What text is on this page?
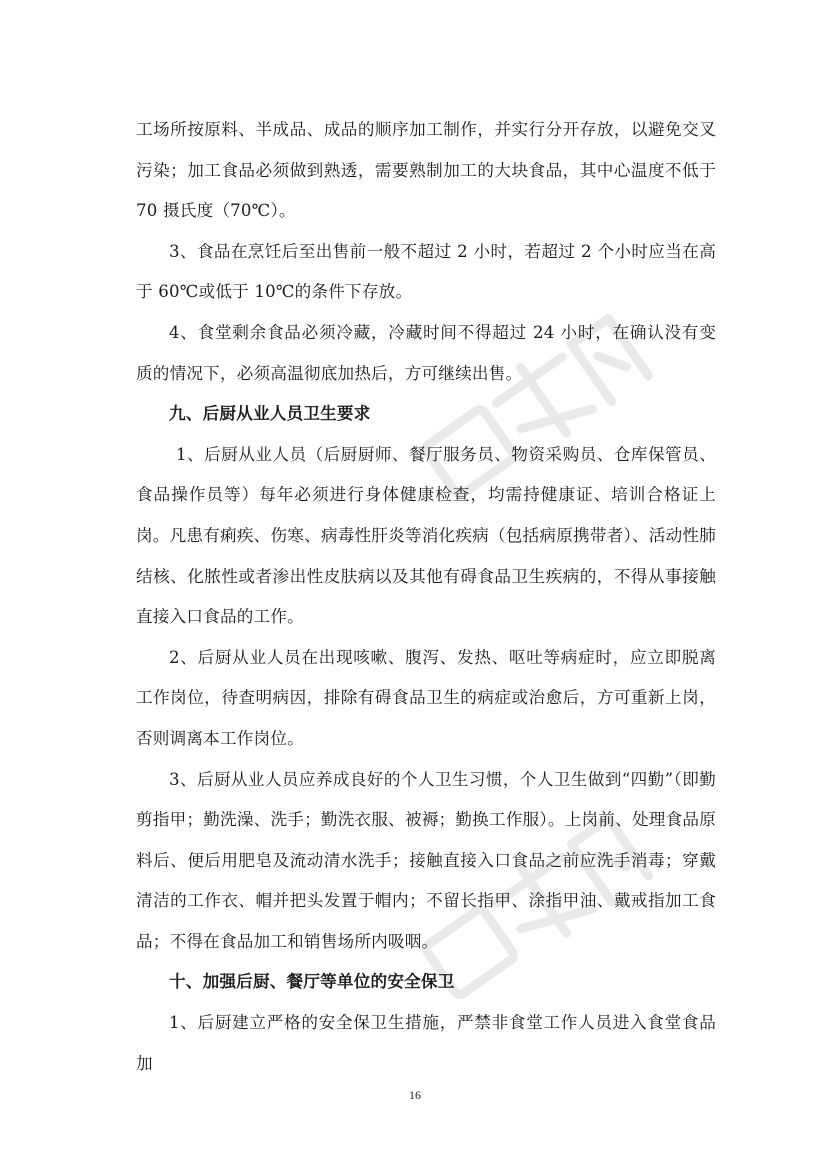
工场所按原料、半成品、成品的顺序加工制作，并实行分开存放，以避免交叉污染；加工食品必须做到熟透，需要熟制加工的大块食品，其中心温度不低于70 摄氏度（70℃）。

3、食品在烹饪后至出售前一般不超过 2 小时，若超过 2 个小时应当在高于 60℃或低于 10℃的条件下存放。

4、食堂剩余食品必须冷藏，冷藏时间不得超过 24 小时，在确认没有变质的情况下，必须高温彻底加热后，方可继续出售。

九、后厨从业人员卫生要求

1、后厨从业人员（后厨厨师、餐厅服务员、物资采购员、仓库保管员、食品操作员等）每年必须进行身体健康检查，均需持健康证、培训合格证上岗。凡患有痢疾、伤寒、病毒性肝炎等消化疾病（包括病原携带者）、活动性肺结核、化脓性或者渗出性皮肤病以及其他有碍食品卫生疾病的，不得从事接触直接入口食品的工作。

2、后厨从业人员在出现咳嗽、腹泻、发热、呕吐等病症时，应立即脱离工作岗位，待查明病因，排除有碍食品卫生的病症或治愈后，方可重新上岗，否则调离本工作岗位。

3、后厨从业人员应养成良好的个人卫生习惯，个人卫生做到“四勤”（即勤剪指甲；勤洗澡、洗手；勤洗衣服、被褥；勤换工作服）。上岗前、处理食品原料后、便后用肥皂及流动清水洗手；接触直接入口食品之前应洗手消毒；穿戴清洁的工作衣、帽并把头发置于帽内；不留长指甲、涂指甲油、戴戒指加工食品；不得在食品加工和销售场所内吸咽。

十、加强后厨、餐厅等单位的安全保卫

1、后厨建立严格的安全保卫生措施，严禁非食堂工作人员进入食堂食品加

16
